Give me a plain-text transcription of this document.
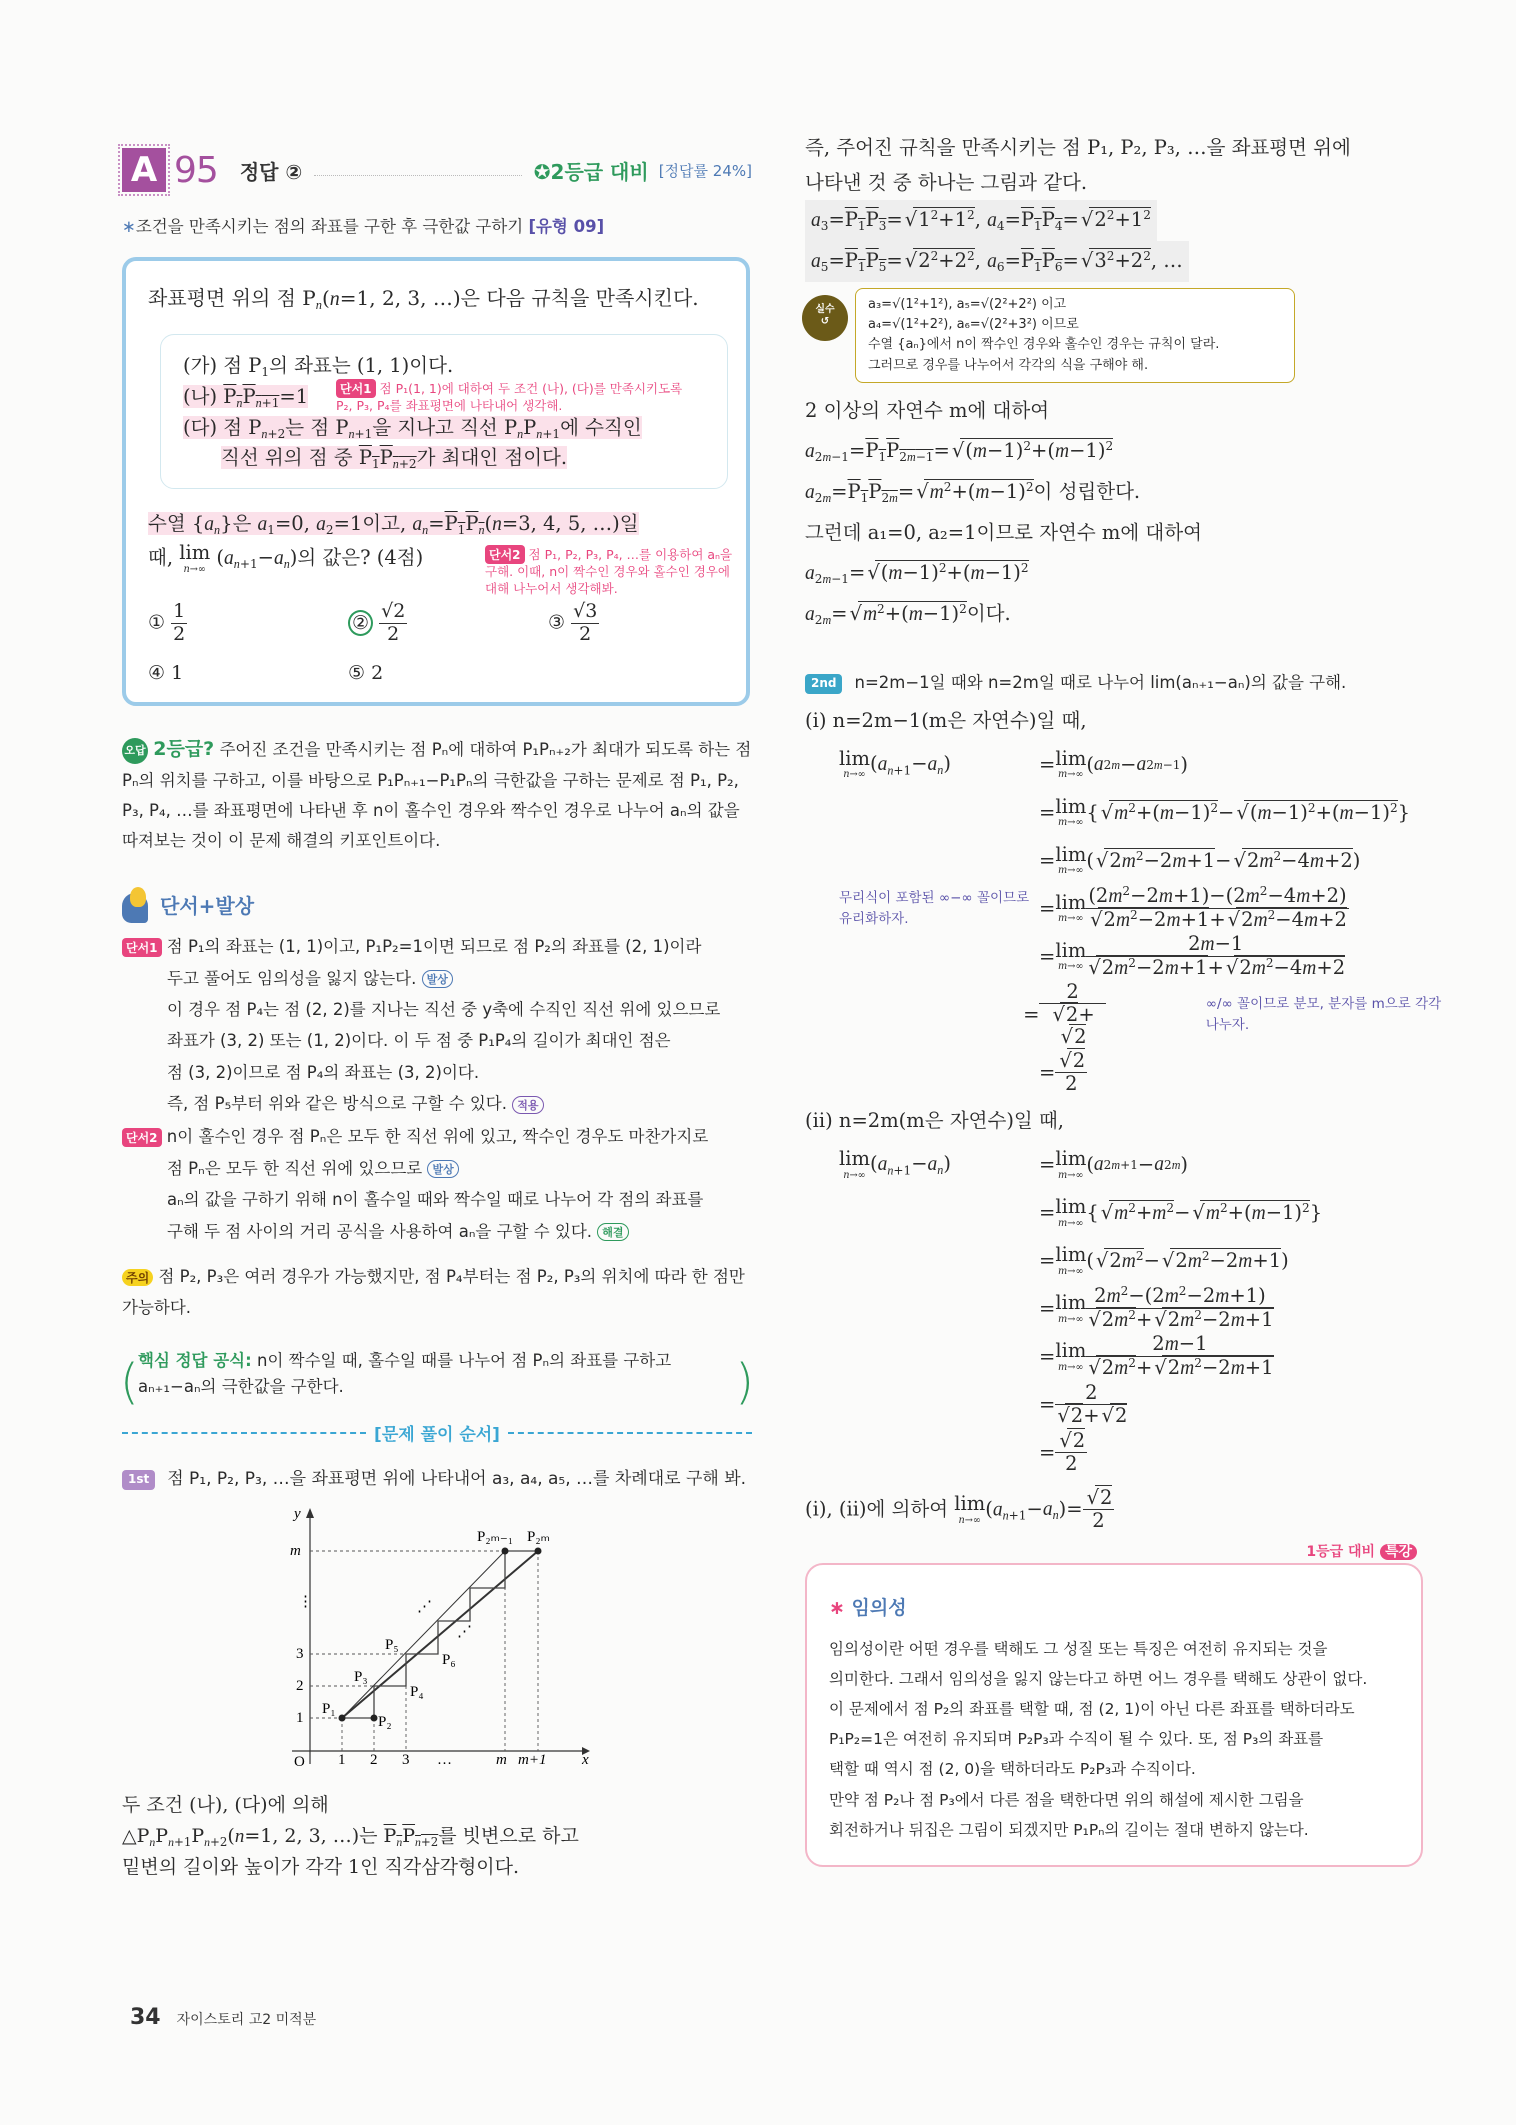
A 95 정답 ②	✪2등급 대비 [정답률 24%]
∗조건을 만족시키는 점의 좌표를 구한 후 극한값 구하기 [유형 09]
좌표평면 위의 점 $P_n(n=1$, 2, 3, …)은 다음 규칙을 만족시킨다.

(가) 점 $P_1$의 좌표는 (1, 1)이다.

(나) $P_nP_{n+1}=1$

(다) 점 $P_{n+2}$는 점 $P_{n+1}$을 지나고 직선 $P_nP_{n+1}$에 수직인

직선 위의 점 중 $P_1P_{n+2}$가 최대인 점이다.

단서1 점 P₁(1, 1)에 대하여 두 조건 (나), (다)를 만족시키도록 P₂, P₃, P₄를 좌표평면에 나타내어 생각해.
수열 $\{a_n\}$은 $a_1=0$, $a_2=1$이고, $a_n=P_1P_n(n=3$, 4, 5, …)일
때, lim
n→∞ $(a_{n+1}-a_n)$의 값은? (4점)	단서2 점 P₁, P₂, P₃, P₄, …를 이용하여 aₙ을 구해. 이때, n이 짝수인 경우와 홀수인 경우에 대해 나누어서 생각해봐.
① $\frac{1}{2}$	② $\frac{√2}{2}$	③ $\frac{√3}{2}$
④ 1	⑤ 2
오답 2등급? 주어진 조건을 만족시키는 점 Pₙ에 대하여 P₁Pₙ₊₂가 최대가 되도록 하는 점 Pₙ의 위치를 구하고, 이를 바탕으로 P₁Pₙ₊₁−P₁Pₙ의 극한값을 구하는 문제로 점 P₁, P₂, P₃, P₄, …를 좌표평면에 나타낸 후 n이 홀수인 경우와 짝수인 경우로 나누어 aₙ의 값을 따져보는 것이 이 문제 해결의 키포인트이다.
단서+발상
단서1 점 P₁의 좌표는 (1, 1)이고, P₁P₂=1이면 되므로 점 P₂의 좌표를 (2, 1)이라
두고 풀어도 임의성을 잃지 않는다. 발상
이 경우 점 P₄는 점 (2, 2)를 지나는 직선 중 y축에 수직인 직선 위에 있으므로
좌표가 (3, 2) 또는 (1, 2)이다. 이 두 점 중 P₁P₄의 길이가 최대인 점은
점 (3, 2)이므로 점 P₄의 좌표는 (3, 2)이다.
즉, 점 P₅부터 위와 같은 방식으로 구할 수 있다. 적용
단서2 n이 홀수인 경우 점 Pₙ은 모두 한 직선 위에 있고, 짝수인 경우도 마찬가지로
점 Pₙ은 모두 한 직선 위에 있으므로 발상
aₙ의 값을 구하기 위해 n이 홀수일 때와 짝수일 때로 나누어 각 점의 좌표를
구해 두 점 사이의 거리 공식을 사용하여 aₙ을 구할 수 있다. 해결
주의 점 P₂, P₃은 여러 경우가 가능했지만, 점 P₄부터는 점 P₂, P₃의 위치에 따라 한 점만 가능하다.
( 핵심 정답 공식: n이 짝수일 때, 홀수일 때를 나누어 점 Pₙ의 좌표를 구하고 aₙ₊₁−aₙ의 극한값을 구한다. )
[문제 풀이 순서]
1st	점 P₁, P₂, P₃, …을 좌표평면 위에 나타내어 a₃, a₄, a₅, …를 차례대로 구해 봐.
y
x
O 1 2 3 …	m m+1
1
2
3
⋮
m
⋰
⋰
P₁
P₂
P₃
P₄
P₅
P₆
P₂ₘ₋₁ P₂ₘ
두 조건 (나), (다)에 의해
$\triangle P_nP_{n+1}P_{n+2}(n=1$, 2, 3, …)는 $P_nP_{n+2}$를 빗변으로 하고
밑변의 길이와 높이가 각각 1인 직각삼각형이다.
34 자이스토리 고2 미적분
즉, 주어진 규칙을 만족시키는 점 P₁, P₂, P₃, …을 좌표평면 위에
나타낸 것 중 하나는 그림과 같다.
$a_3=P_1P_3=$ √ $1^2+1^2$, $a_4=P_1P_4=$ √ $2^2+1^2$
$a_5=P_1P_5=$ √ $2^2+2^2$, $a_6=P_1P_6=$ √ $3^2+2^2$, …
실수
↺
a₃=√(1²+1²), a₅=√(2²+2²) 이고
a₄=√(1²+2²), a₆=√(2²+3²) 이므로
수열 {aₙ}에서 n이 짝수인 경우와 홀수인 경우는 규칙이 달라.
그러므로 경우를 나누어서 각각의 식을 구해야 해.
2 이상의 자연수 m에 대하여
$a_{2m-1}=P_1P_{2m-1}=$ √ $(m-1)^2+(m-1)^2$
$a_{2m}=P_1P_{2m}=$ √ $m^2+(m-1)^2$이 성립한다.
그런데 a₁=0, a₂=1이므로 자연수 m에 대하여
$a_{2m-1}=$ √ $(m-1)^2+(m-1)^2$
$a_{2m}=$ √ $m^2+(m-1)^2$이다.
2nd	n=2m−1일 때와 n=2m일 때로 나누어 lim(aₙ₊₁−aₙ)의 값을 구해.
(i) n=2m−1(m은 자연수)일 때,
lim
n→∞ $(a_{n+1}-a_n)$	= lim
m→∞ ( a 2m − a 2m−1 )
= lim
m→∞ { √ $m^2+(m-1)^2$ − √ $(m-1)^2+(m-1)^2$ }
= lim
m→∞ ( √ $2m^2-2m+1$ − √ $2m^2-4m+2$ )
무리식이 포함된 ∞−∞ 꼴이므로 유리화하자.	= lim
m→∞ $(2m^2-2m+1)-(2m^2-4m+2)$
√ $2m^2-2m+1+$ √ $2m^2-4m+2$
= lim
m→∞ 2m−1
√ $2m^2-2m+1+$ √ $2m^2-4m+2$
= 2
√ 2+√ 2	∞/∞ 꼴이므로 분모, 분자를 m으로 각각 나누자.
= √ $\frac{2}{2}$
(ii) n=2m(m은 자연수)일 때,
lim
n→∞ $(a_{n+1}-a_n)$	= lim
m→∞ ( a 2m+1 − a 2m )
= lim
m→∞ { √ $m^2+m^2$ − √ $m^2+(m-1)^2$ }
= lim
m→∞ ( √ $2m^2$ − √ $2m^2-2m+1$ )
= lim
m→∞ $2m^2-(2m^2-2m+1)$
√ $2m^2+$ √ $2m^2-2m+1$
= lim
m→∞ 2m−1
√ $2m^2+$ √ $2m^2-2m+1$
= 2
√ 2+ √ 2
= √ $\frac{2}{2}$
(i), (ii)에 의하여 lim
n→∞ $(a_{n+1}-a_n)=$ √ $\frac{2}{2}$
1등급 대비 특강
∗ 임의성
임의성이란 어떤 경우를 택해도 그 성질 또는 특징은 여전히 유지되는 것을
의미한다. 그래서 임의성을 잃지 않는다고 하면 어느 경우를 택해도 상관이 없다.
이 문제에서 점 P₂의 좌표를 택할 때, 점 (2, 1)이 아닌 다른 좌표를 택하더라도
P₁P₂=1은 여전히 유지되며 P₂P₃과 수직이 될 수 있다. 또, 점 P₃의 좌표를
택할 때 역시 점 (2, 0)을 택하더라도 P₂P₃과 수직이다.
만약 점 P₂나 점 P₃에서 다른 점을 택한다면 위의 해설에 제시한 그림을
회전하거나 뒤집은 그림이 되겠지만 P₁Pₙ의 길이는 절대 변하지 않는다.
